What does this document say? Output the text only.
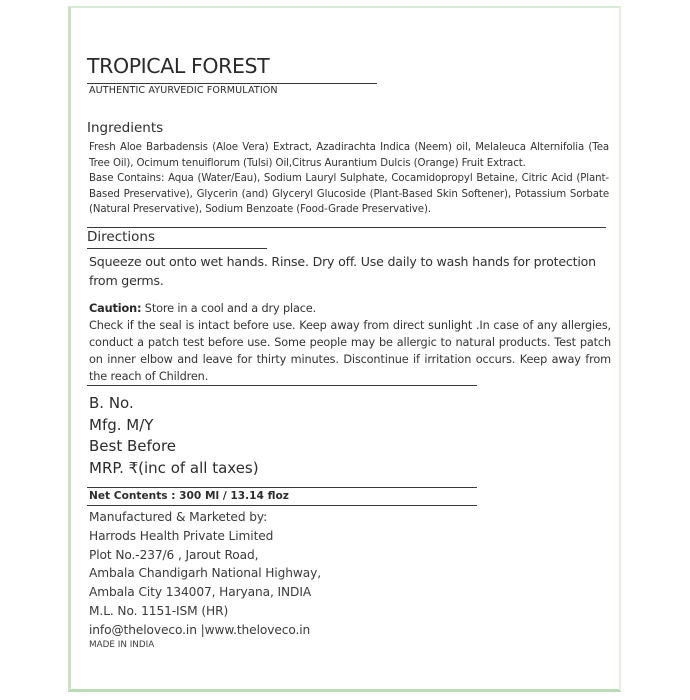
TROPICAL FOREST
AUTHENTIC AYURVEDIC FORMULATION
Ingredients
Fresh Aloe Barbadensis (Aloe Vera) Extract, Azadirachta Indica (Neem) oil, Melaleuca Alternifolia (Tea Tree Oil), Ocimum tenuiflorum (Tulsi) Oil,Citrus Aurantium Dulcis (Orange) Fruit Extract.
Base Contains: Aqua (Water/Eau), Sodium Lauryl Sulphate, Cocamidopropyl Betaine, Citric Acid (Plant-Based Preservative), Glycerin (and) Glyceryl Glucoside (Plant-Based Skin Softener), Potassium Sorbate (Natural Preservative), Sodium Benzoate (Food-Grade Preservative).
Directions
Squeeze out onto wet hands. Rinse. Dry off. Use daily to wash hands for protection from germs.
Caution: Store in a cool and a dry place.
Check if the seal is intact before use. Keep away from direct sunlight .In case of any allergies, conduct a patch test before use. Some people may be allergic to natural products. Test patch on inner elbow and leave for thirty minutes. Discontinue if irritation occurs. Keep away from the reach of Children.
B. No.
Mfg. M/Y
Best Before
MRP. ₹(inc of all taxes)
Net Contents : 300 Ml / 13.14 floz
Manufactured & Marketed by:
Harrods Health Private Limited
Plot No.-237/6 , Jarout Road,
Ambala Chandigarh National Highway,
Ambala City 134007, Haryana, INDIA
M.L. No. 1151-ISM (HR)
info@theloveco.in |www.theloveco.in
MADE IN INDIA
